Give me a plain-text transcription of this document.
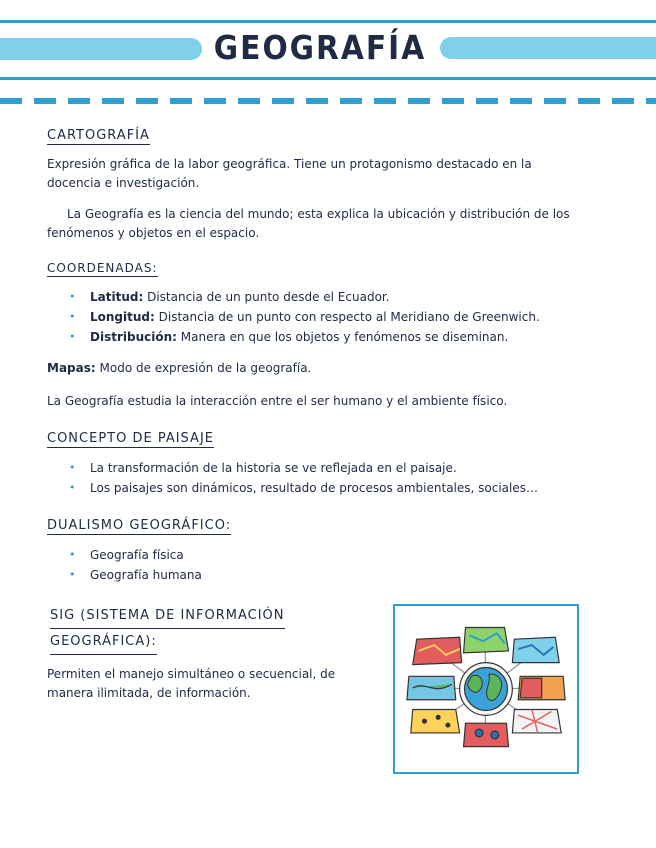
GEOGRAFÍA
CARTOGRAFÍA

Expresión gráfica de la labor geográfica. Tiene un protagonismo destacado en la docencia e investigación.

La Geografía es la ciencia del mundo; esta explica la ubicación y distribución de los fenómenos y objetos en el espacio.

COORDENADAS:
• Latitud: Distancia de un punto desde el Ecuador.
• Longitud: Distancia de un punto con respecto al Meridiano de Greenwich.
• Distribución: Manera en que los objetos y fenómenos se diseminan.

Mapas: Modo de expresión de la geografía.

La Geografía estudia la interacción entre el ser humano y el ambiente físico.

CONCEPTO DE PAISAJE
• La transformación de la historia se ve reflejada en el paisaje.
• Los paisajes son dinámicos, resultado de procesos ambientales, sociales…
DUALISMO GEOGRÁFICO:
• Geografía física
• Geografía humana
SIG (SISTEMA DE INFORMACIÓN
GEOGRÁFICA):

Permiten el manejo simultáneo o secuencial, de manera ilimitada, de información.
